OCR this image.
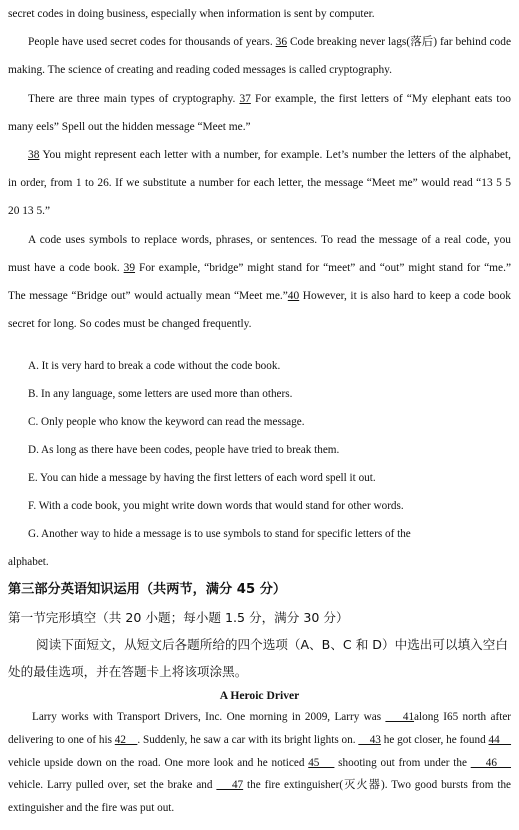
secret codes in doing business, especially when information is sent by computer.

People have used secret codes for thousands of years. 36 Code breaking never lags(落后) far behind code making. The science of creating and reading coded messages is called cryptography.

There are three main types of cryptography. 37 For example, the first letters of “My elephant eats too many eels” Spell out the hidden message “Meet me.”

38 You might represent each letter with a number, for example. Let’s number the letters of the alphabet, in order, from 1 to 26. If we substitute a number for each letter, the message “Meet me” would read “13 5 5 20 13 5.”

A code uses symbols to replace words, phrases, or sentences. To read the message of a real code, you must have a code book. 39 For example, “bridge” might stand for “meet” and “out” might stand for “me.” The message “Bridge out” would actually mean “Meet me.”40 However, it is also hard to keep a code book secret for long. So codes must be changed frequently.

A. It is very hard to break a code without the code book.

B. In any language, some letters are used more than others.

C. Only people who know the keyword can read the message.

D. As long as there have been codes, people have tried to break them.

E. You can hide a message by having the first letters of each word spell it out.

F. With a code book, you might write down words that would stand for other words.

G. Another way to hide a message is to use symbols to stand for specific letters of the

alphabet.

第三部分英语知识运用（共两节，满分 45 分）

第一节完形填空（共 20 小题；每小题 1.5 分，满分 30 分）

阅读下面短文，从短文后各题所给的四个选项（A、B、C 和 D）中选出可以填入空白处的最佳选项，并在答题卡上将该项涂黑。

A Heroic Driver

Larry works with Transport Drivers, Inc. One morning in 2009, Larry was     41along I65 north after delivering to one of his 42    . Suddenly, he saw a car with its bright lights on.     43 he got closer, he found 44     vehicle upside down on the road. One more look and he noticed 45     shooting out from under the     46     vehicle. Larry pulled over, set the brake and     47 the fire extinguisher(灭火器). Two good bursts from the extinguisher and the fire was put out.
